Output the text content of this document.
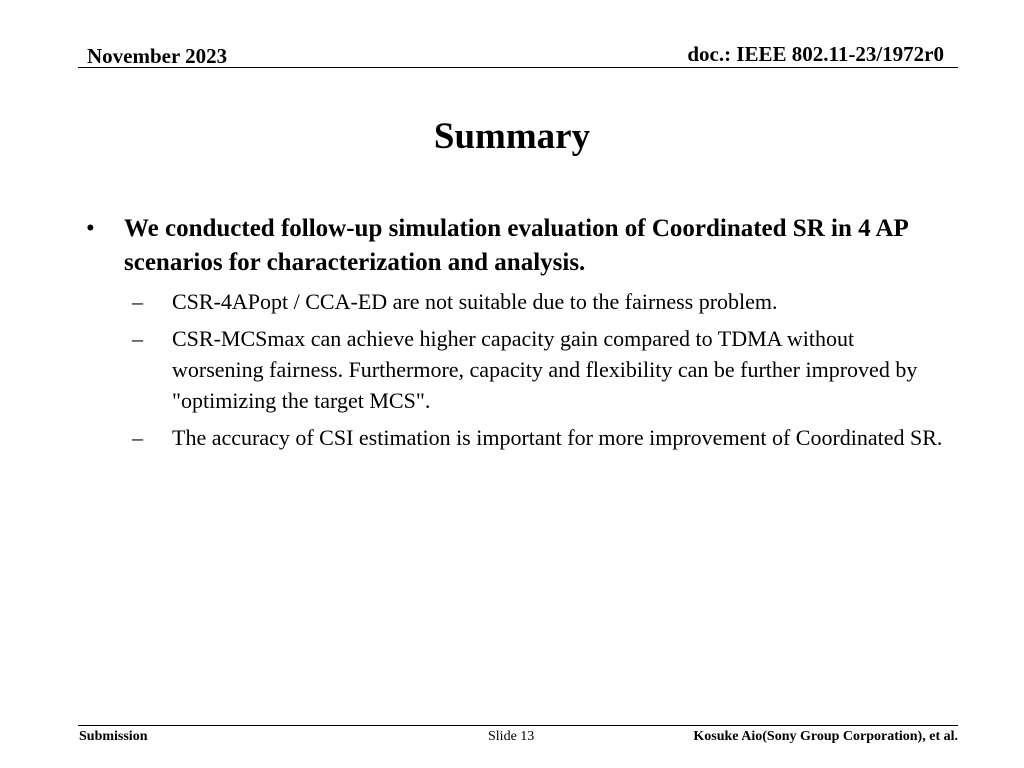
November 2023	doc.: IEEE 802.11-23/1972r0
Summary
• We conducted follow-up simulation evaluation of Coordinated SR in 4 AP scenarios for characterization and analysis.
– CSR-4APopt / CCA-ED are not suitable due to the fairness problem.
– CSR-MCSmax can achieve higher capacity gain compared to TDMA without worsening fairness. Furthermore, capacity and flexibility can be further improved by "optimizing the target MCS".
– The accuracy of CSI estimation is important for more improvement of Coordinated SR.
Submission	Slide 13	Kosuke Aio(Sony Group Corporation), et al.
